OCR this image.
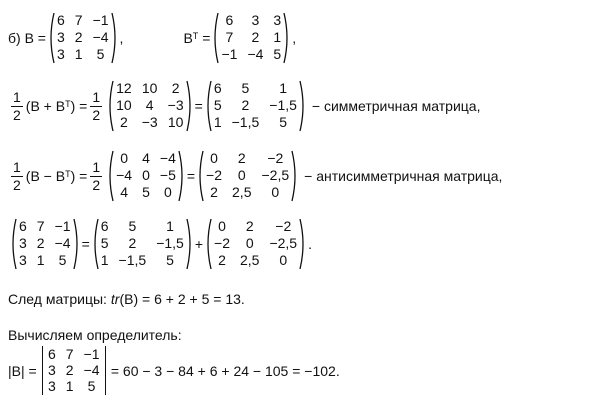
б) B =
6 7 −1
3 2 −4
3 1 5
,	$B^T$ =
6 3 3
7 2 1
−1 −4 5
,
$\frac{1}{2} (B + B^T$ ) = $\frac{1}{2}$
12 10 2
10 4 −3
2 −3 10
=
6	5	1
5	2	−1,5
1 −1,5	5
− симметричная матрица,
$\frac{1}{2} (B - B^T$ ) = $\frac{1}{2}$
0 4 −4
−4 0 −5
4 5 0
=
0	2	−2
−2	0	−2,5
2 2,5	0
− антисимметричная матрица,
6 7 −1
3 2 −4
3 1 5
=
6	5	1
5	2	−1,5
1 −1,5	5
+
0	2	−2
−2	0	−2,5
2 2,5	0
.
След матрицы: tr (B) = 6 + 2 + 5 = 13.
Вычисляем определитель:
|B| =
6 7 −1
3 2 −4
3 1 5
= 60 − 3 − 84 + 6 + 24 − 105 = −102.
